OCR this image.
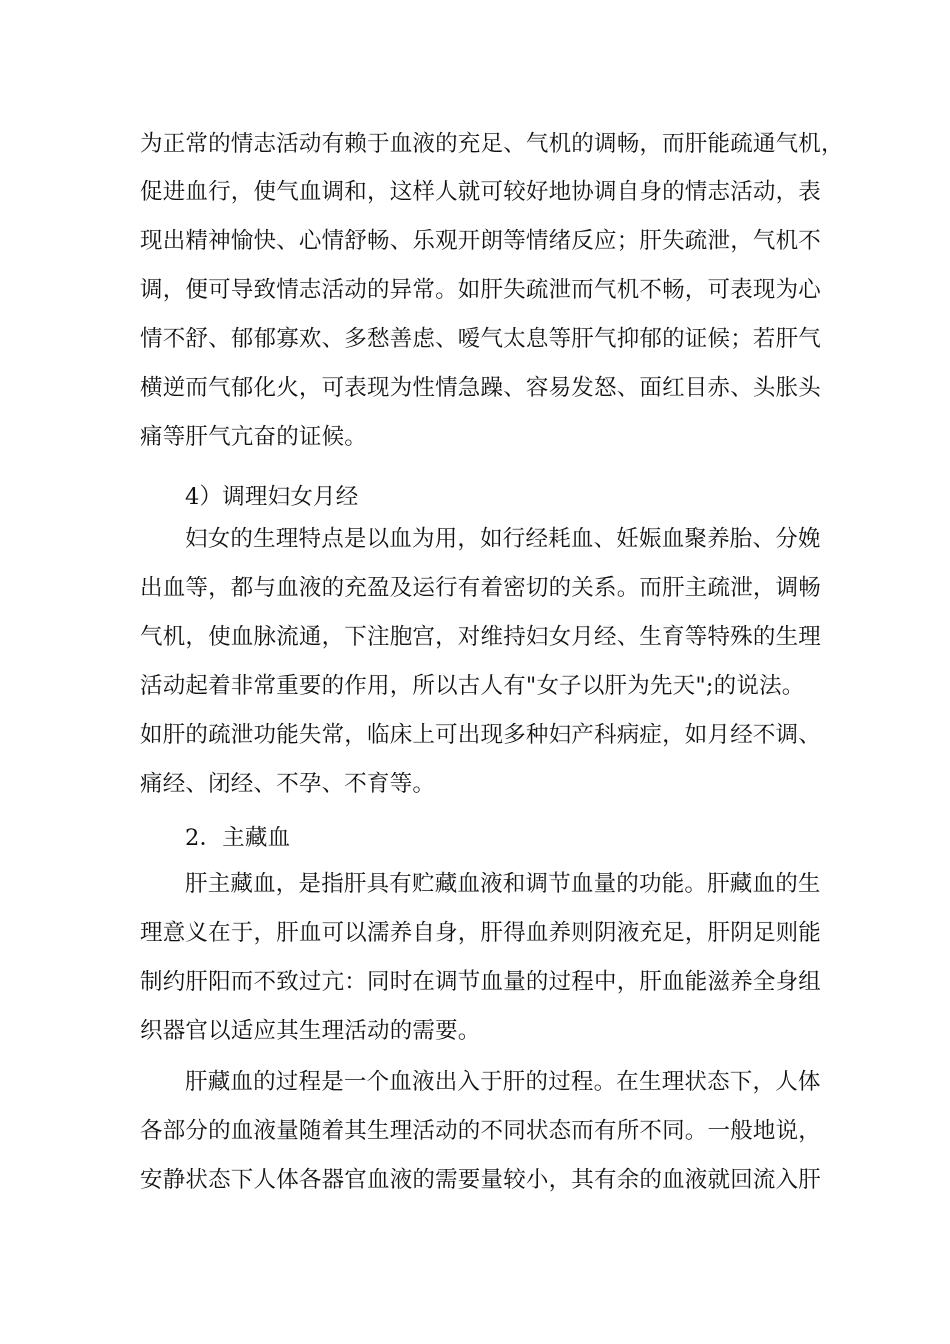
为正常的情志活动有赖于血液的充足、气机的调畅，而肝能疏通气机，

促进血行，使气血调和，这样人就可较好地协调自身的情志活动，表

现出精神愉快、心情舒畅、乐观开朗等情绪反应；肝失疏泄，气机不

调，便可导致情志活动的异常。如肝失疏泄而气机不畅，可表现为心

情不舒、郁郁寡欢、多愁善虑、嗳气太息等肝气抑郁的证候；若肝气

横逆而气郁化火，可表现为性情急躁、容易发怒、面红目赤、头胀头

痛等肝气亢奋的证候。

4）调理妇女月经

妇女的生理特点是以血为用，如行经耗血、妊娠血聚养胎、分娩

出血等，都与血液的充盈及运行有着密切的关系。而肝主疏泄，调畅

气机，使血脉流通，下注胞宫，对维持妇女月经、生育等特殊的生理

活动起着非常重要的作用，所以古人有"女子以肝为先天";的说法。

如肝的疏泄功能失常，临床上可出现多种妇产科病症，如月经不调、

痛经、闭经、不孕、不育等。

2．主藏血

肝主藏血，是指肝具有贮藏血液和调节血量的功能。肝藏血的生

理意义在于，肝血可以濡养自身，肝得血养则阴液充足，肝阴足则能

制约肝阳而不致过亢：同时在调节血量的过程中，肝血能滋养全身组

织器官以适应其生理活动的需要。

肝藏血的过程是一个血液出入于肝的过程。在生理状态下，人体

各部分的血液量随着其生理活动的不同状态而有所不同。一般地说，

安静状态下人体各器官血液的需要量较小，其有余的血液就回流入肝
